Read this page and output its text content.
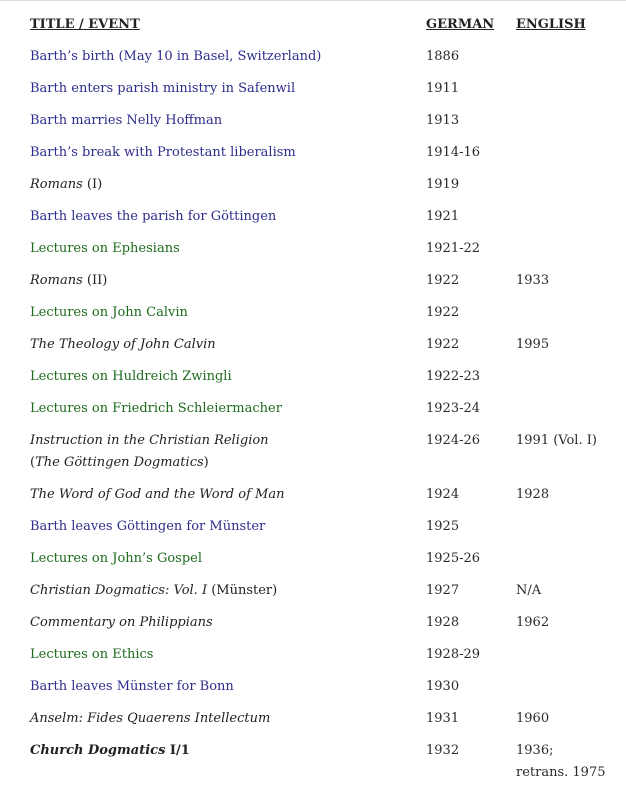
TITLE / EVENT	GERMAN	ENGLISH
Barth’s birth (May 10 in Basel, Switzerland)	1886	
Barth enters parish ministry in Safenwil	1911	
Barth marries Nelly Hoffman	1913	
Barth’s break with Protestant liberalism	1914-16	
Romans (I)	1919	
Barth leaves the parish for Göttingen	1921	
Lectures on Ephesians	1921-22	
Romans (II)	1922	1933
Lectures on John Calvin	1922	
The Theology of John Calvin	1922	1995
Lectures on Huldreich Zwingli	1922-23	
Lectures on Friedrich Schleiermacher	1923-24	
Instruction in the Christian Religion
(The Göttingen Dogmatics)	1924-26	1991 (Vol. I)
The Word of God and the Word of Man	1924	1928
Barth leaves Göttingen for Münster	1925	
Lectures on John’s Gospel	1925-26	
Christian Dogmatics: Vol. I (Münster)	1927	N/A
Commentary on Philippians	1928	1962
Lectures on Ethics	1928-29	
Barth leaves Münster for Bonn	1930	
Anselm: Fides Quaerens Intellectum	1931	1960
Church Dogmatics I/1	1932	1936;
retrans. 1975
